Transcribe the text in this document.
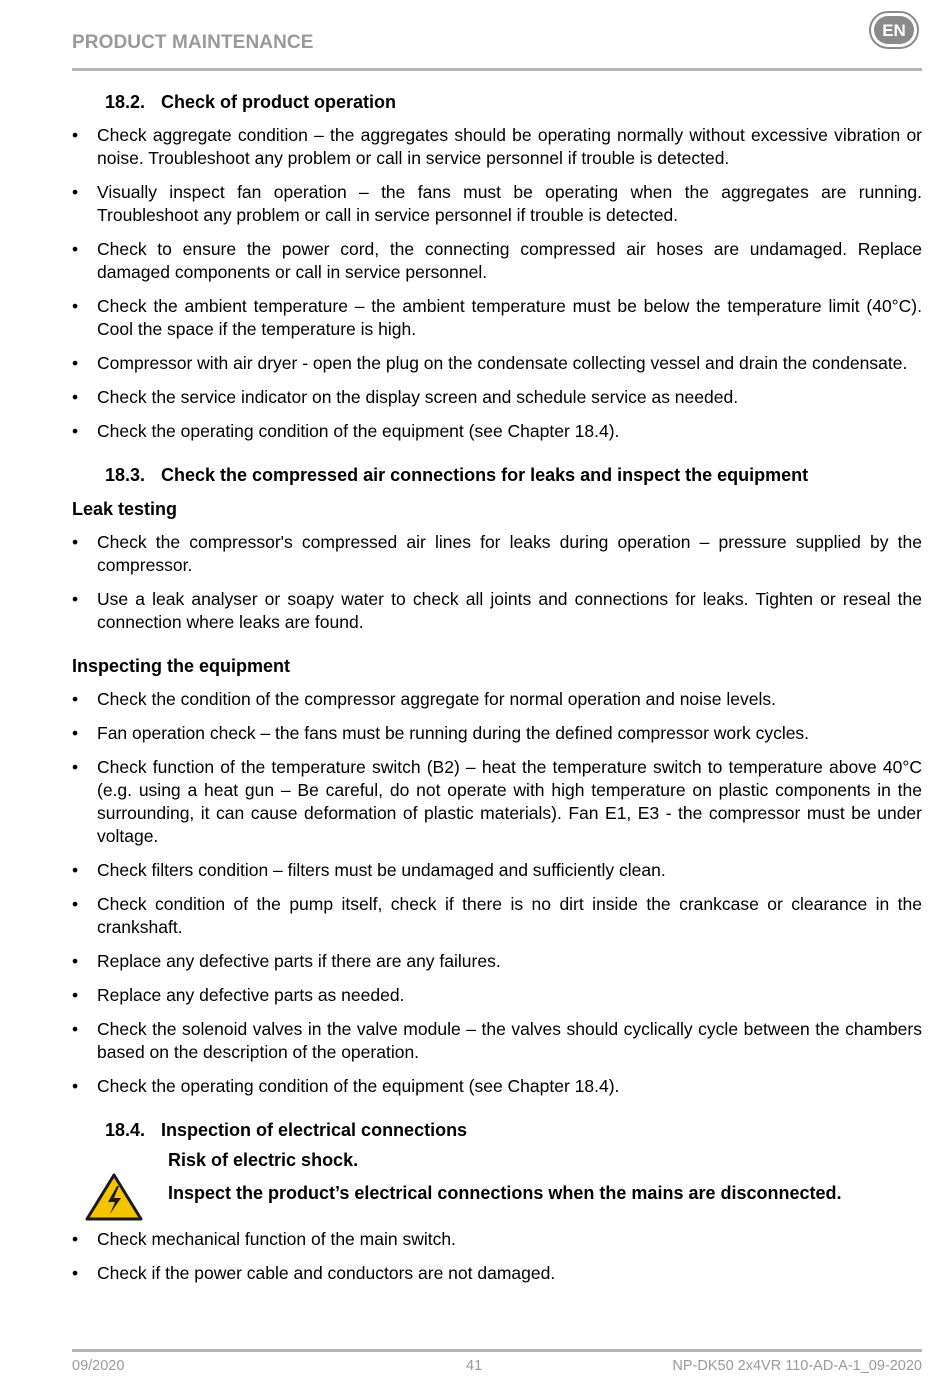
PRODUCT MAINTENANCE
EN
18.2. Check of product operation
• Check aggregate condition – the aggregates should be operating normally without excessive vibration or noise. Troubleshoot any problem or call in service personnel if trouble is detected.
• Visually inspect fan operation – the fans must be operating when the aggregates are running. Troubleshoot any problem or call in service personnel if trouble is detected.
• Check to ensure the power cord, the connecting compressed air hoses are undamaged. Replace damaged components or call in service personnel.
• Check the ambient temperature – the ambient temperature must be below the temperature limit (40°C). Cool the space if the temperature is high.
• Compressor with air dryer - open the plug on the condensate collecting vessel and drain the condensate.
• Check the service indicator on the display screen and schedule service as needed.
• Check the operating condition of the equipment (see Chapter 18.4).
18.3. Check the compressed air connections for leaks and inspect the equipment
Leak testing
• Check the compressor's compressed air lines for leaks during operation – pressure supplied by the compressor.
• Use a leak analyser or soapy water to check all joints and connections for leaks. Tighten or reseal the connection where leaks are found.
Inspecting the equipment
• Check the condition of the compressor aggregate for normal operation and noise levels.
• Fan operation check – the fans must be running during the defined compressor work cycles.
• Check function of the temperature switch (B2) – heat the temperature switch to temperature above 40°C (e.g. using a heat gun – Be careful, do not operate with high temperature on plastic components in the surrounding, it can cause deformation of plastic materials). Fan E1, E3 - the compressor must be under voltage.
• Check filters condition – filters must be undamaged and sufficiently clean.
• Check condition of the pump itself, check if there is no dirt inside the crankcase or clearance in the crankshaft.
• Replace any defective parts if there are any failures.
• Replace any defective parts as needed.
• Check the solenoid valves in the valve module – the valves should cyclically cycle between the chambers based on the description of the operation.
• Check the operating condition of the equipment (see Chapter 18.4).
18.4. Inspection of electrical connections
Risk of electric shock.
Inspect the product’s electrical connections when the mains are disconnected.
• Check mechanical function of the main switch.
• Check if the power cable and conductors are not damaged.
09/2020	41	NP-DK50 2x4VR 110-AD-A-1_09-2020
